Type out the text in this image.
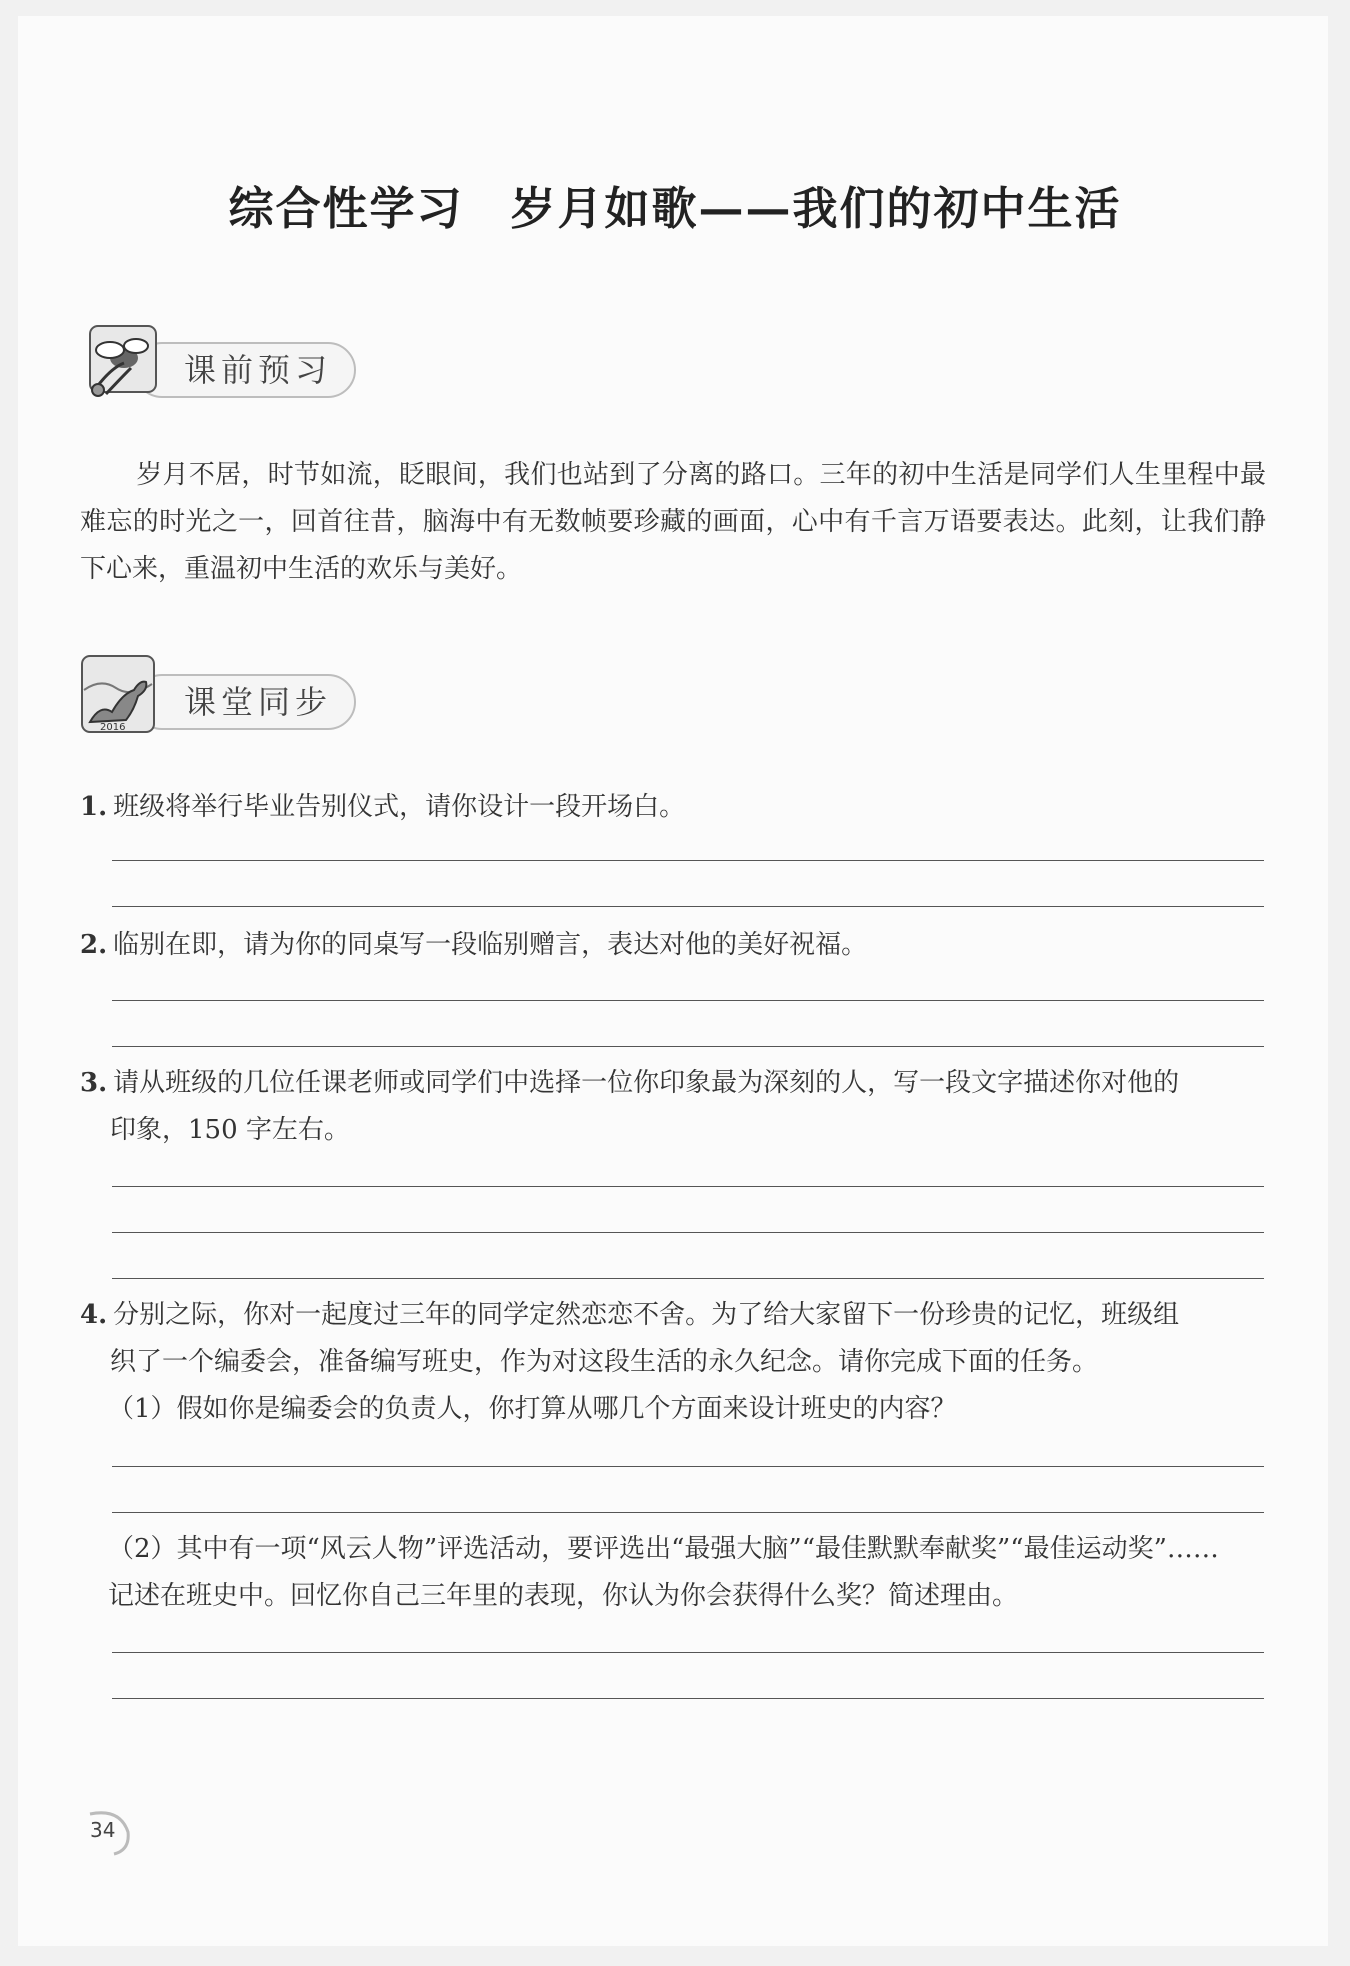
综合性学习　岁月如歌——我们的初中生活
课前预习
岁月不居，时节如流，眨眼间，我们也站到了分离的路口。三年的初中生活是同学们人生里程中最难忘的时光之一，回首往昔，脑海中有无数帧要珍藏的画面，心中有千言万语要表达。此刻，让我们静下心来，重温初中生活的欢乐与美好。
课堂同步
2016
1. 班级将举行毕业告别仪式，请你设计一段开场白。
2. 临别在即，请为你的同桌写一段临别赠言，表达对他的美好祝福。
3. 请从班级的几位任课老师或同学们中选择一位你印象最为深刻的人，写一段文字描述你对他的
印象，150 字左右。
4. 分别之际，你对一起度过三年的同学定然恋恋不舍。为了给大家留下一份珍贵的记忆，班级组
织了一个编委会，准备编写班史，作为对这段生活的永久纪念。请你完成下面的任务。
（1）假如你是编委会的负责人，你打算从哪几个方面来设计班史的内容？
（2）其中有一项“风云人物”评选活动，要评选出“最强大脑”“最佳默默奉献奖”“最佳运动奖”……
记述在班史中。回忆你自己三年里的表现，你认为你会获得什么奖？简述理由。
34
